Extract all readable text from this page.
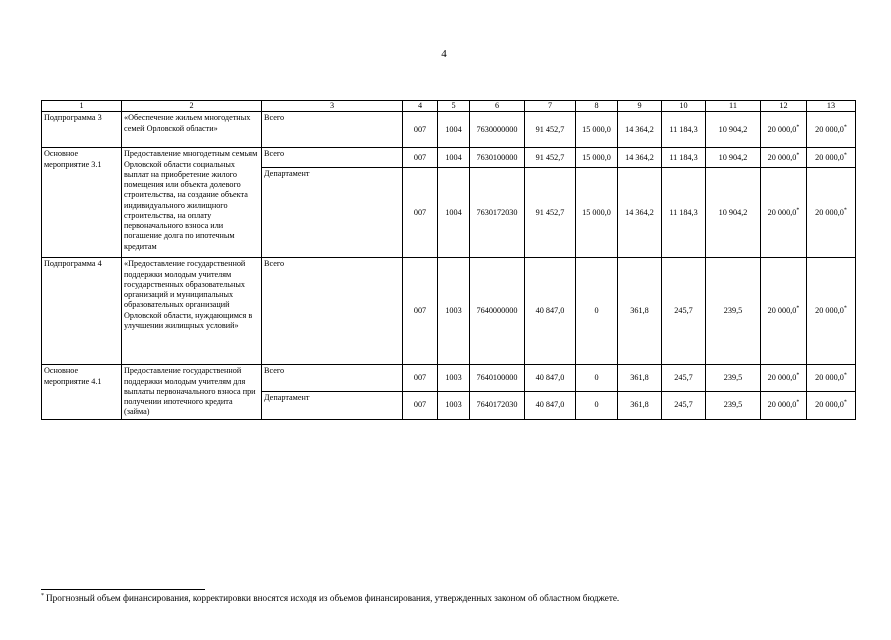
4
1	2	3	4	5	6	7	8	9	10	11	12	13
Подпрограмма 3	«Обеспечение жильем многодетных семей Орловской области»	Всего	007	1004	7630000000	91 452,7	15 000,0	14 364,2	11 184,3	10 904,2	20 000,0*	20 000,0*
Основное мероприятие 3.1	Предоставление многодетным семьям Орловской области социальных выплат на приобретение жилого помещения или объекта долевого строительства, на создание объекта индивидуального жилищного строительства, на оплату первоначального взноса или погашение долга по ипотечным кредитам	Всего	007	1004	7630100000	91 452,7	15 000,0	14 364,2	11 184,3	10 904,2	20 000,0*	20 000,0*
		Департамент	007	1004	7630172030	91 452,7	15 000,0	14 364,2	11 184,3	10 904,2	20 000,0*	20 000,0*
Подпрограмма 4	«Предоставление государственной поддержки молодым учителям государственных образовательных организаций и муниципальных образовательных организаций Орловской области, нуждающимся в улучшении жилищных условий»	Всего	007	1003	7640000000	40 847,0	0	361,8	245,7	239,5	20 000,0*	20 000,0*
Основное мероприятие 4.1	Предоставление государственной поддержки молодым учителям для выплаты первоначального взноса при получении ипотечного кредита (займа)	Всего	007	1003	7640100000	40 847,0	0	361,8	245,7	239,5	20 000,0*	20 000,0*
		Департамент	007	1003	7640172030	40 847,0	0	361,8	245,7	239,5	20 000,0*	20 000,0*
* Прогнозный объем финансирования, корректировки вносятся исходя из объемов финансирования, утвержденных законом об областном бюджете.
